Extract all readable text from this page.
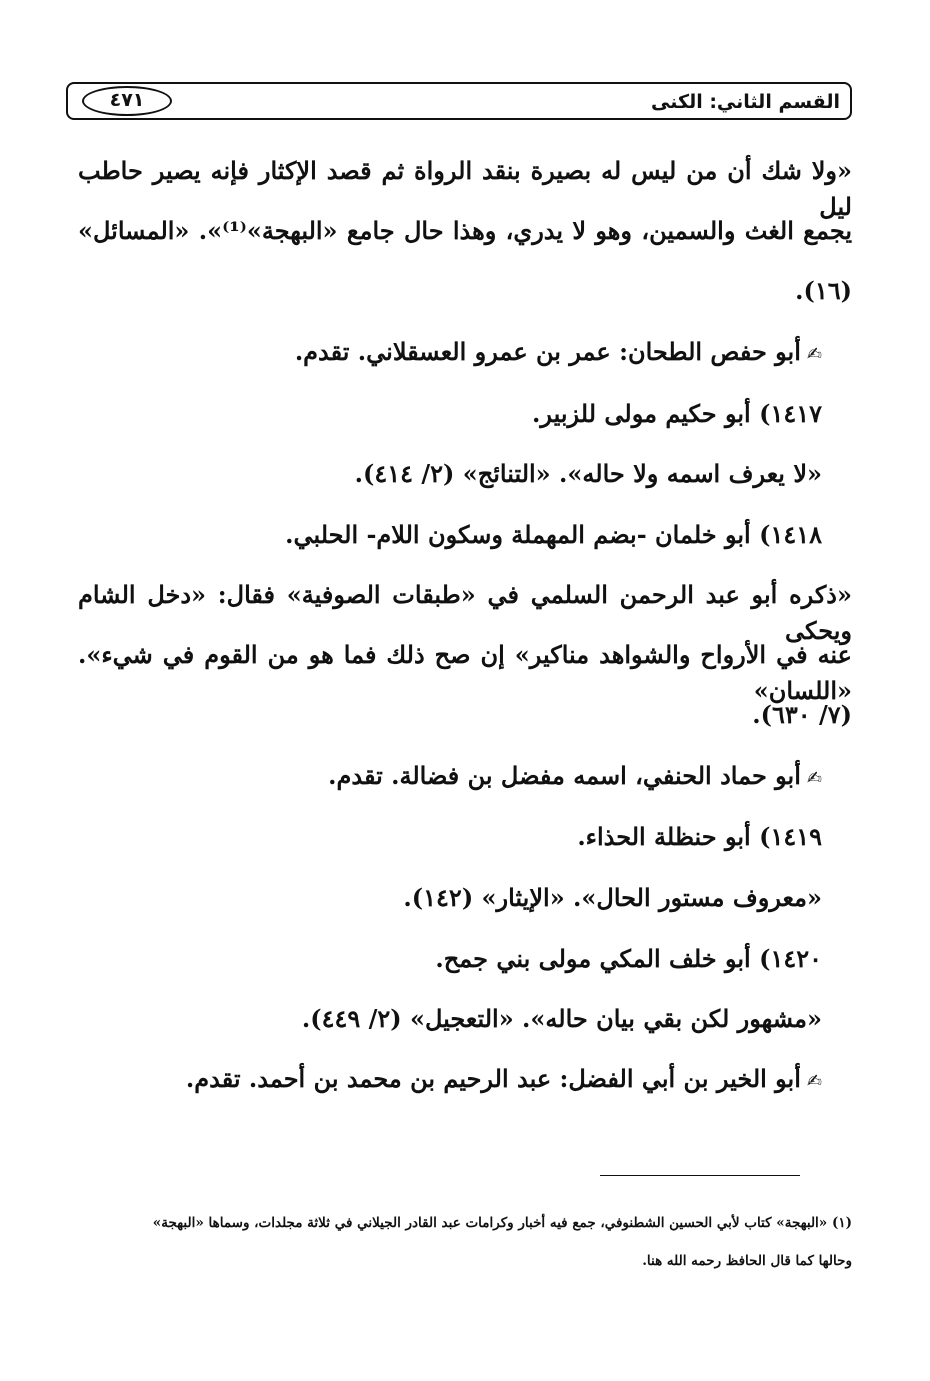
القسم الثاني: الكنى
٤٧١
«ولا شك أن من ليس له بصيرة بنقد الرواة ثم قصد الإكثار فإنه يصير حاطب ليل
يجمع الغث والسمين، وهو لا يدري، وهذا حال جامع «البهجة»⁽¹⁾». «المسائل»
(١٦).
✍أبو حفص الطحان: عمر بن عمرو العسقلاني. تقدم.
١٤١٧) أبو حكيم مولى للزبير.
«لا يعرف اسمه ولا حاله». «التنائج» (٢/ ٤١٤).
١٤١٨) أبو خلمان -بضم المهملة وسكون اللام- الحلبي.
«ذكره أبو عبد الرحمن السلمي في «طبقات الصوفية» فقال: «دخل الشام ويحكى
عنه في الأرواح والشواهد مناكير» إن صح ذلك فما هو من القوم في شيء». «اللسان»
(٧/ ٦٣٠).
✍أبو حماد الحنفي، اسمه مفضل بن فضالة. تقدم.
١٤١٩) أبو حنظلة الحذاء.
«معروف مستور الحال». «الإيثار» (١٤٢).
١٤٢٠) أبو خلف المكي مولى بني جمح.
«مشهور لكن بقي بيان حاله». «التعجيل» (٢/ ٤٤٩).
✍أبو الخير بن أبي الفضل: عبد الرحيم بن محمد بن أحمد. تقدم.
(١) «البهجة» كتاب لأبي الحسين الشطنوفي، جمع فيه أخبار وكرامات عبد القادر الجيلاني في ثلاثة مجلدات، وسماها «البهجة»
وحالها كما قال الحافظ رحمه الله هنا.
